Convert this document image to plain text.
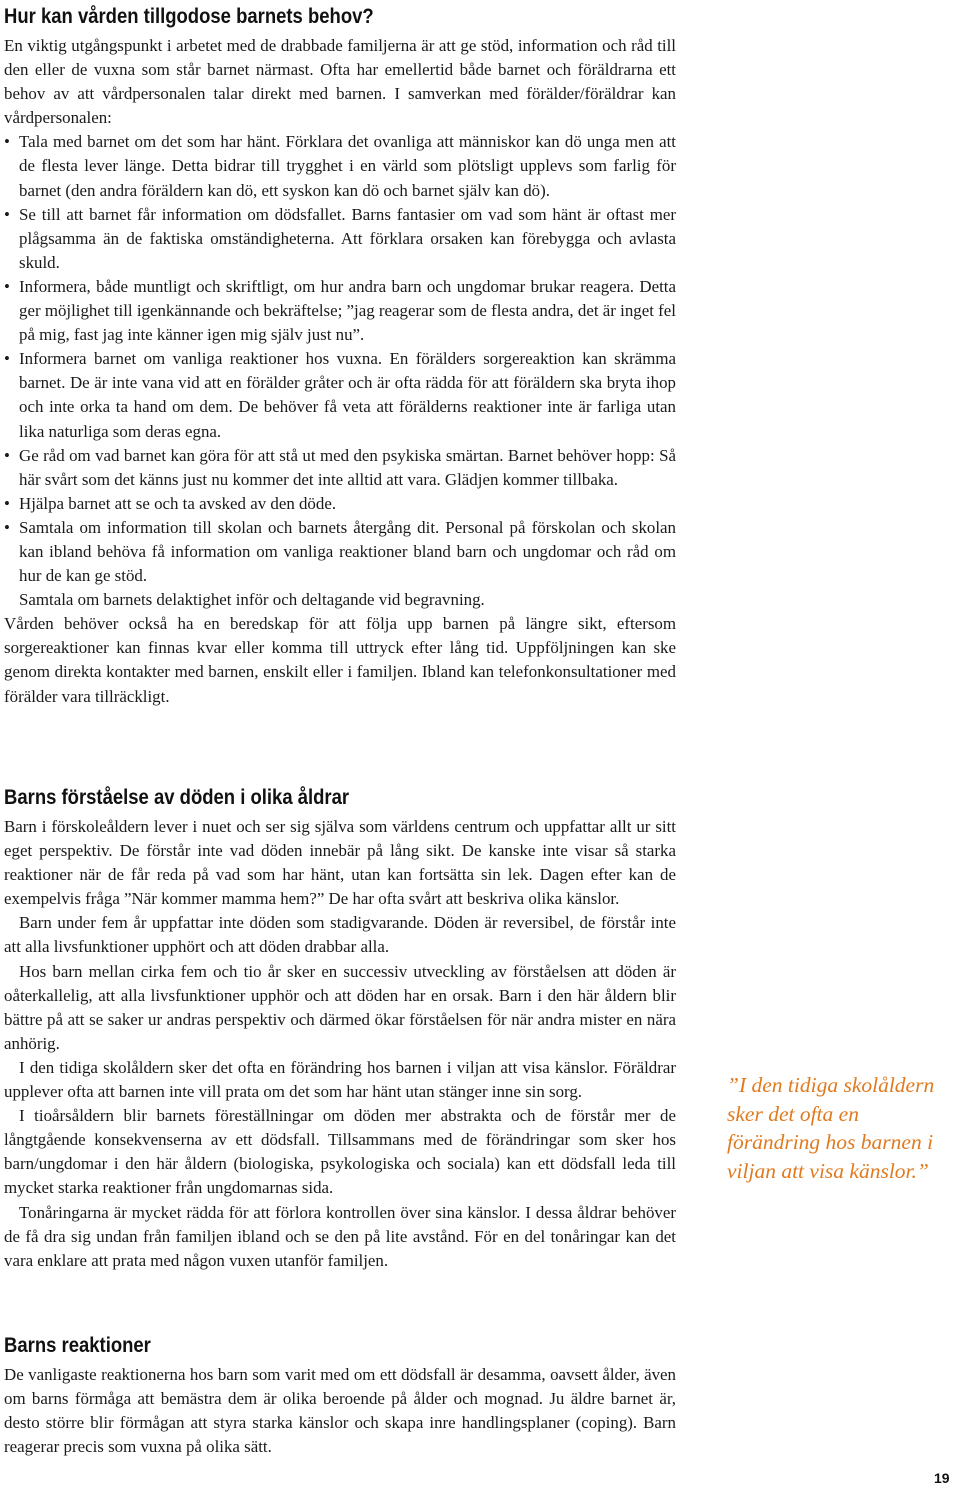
Hur kan vården tillgodose barnets behov?

En viktig utgångspunkt i arbetet med de drabbade familjerna är att ge stöd, information och råd till den eller de vuxna som står barnet närmast. Ofta har emellertid både barnet och föräldrarna ett behov av att vårdpersonalen talar direkt med barnen. I samverkan med förälder/föräldrar kan vårdpersonalen:

• Tala med barnet om det som har hänt. Förklara det ovanliga att människor kan dö unga men att de flesta lever länge. Detta bidrar till trygghet i en värld som plötsligt upplevs som farlig för barnet (den andra föräldern kan dö, ett syskon kan dö och barnet själv kan dö).
• Se till att barnet får information om dödsfallet. Barns fantasier om vad som hänt är oftast mer plågsamma än de faktiska omständigheterna. Att förklara orsaken kan förebygga och avlasta skuld.
• Informera, både muntligt och skriftligt, om hur andra barn och ungdomar brukar reagera. Detta ger möjlighet till igenkännande och bekräftelse; ”jag reagerar som de flesta andra, det är inget fel på mig, fast jag inte känner igen mig själv just nu”.
• Informera barnet om vanliga reaktioner hos vuxna. En förälders sorgereaktion kan skrämma barnet. De är inte vana vid att en förälder gråter och är ofta rädda för att föräldern ska bryta ihop och inte orka ta hand om dem. De behöver få veta att förälderns reaktioner inte är farliga utan lika naturliga som deras egna.
• Ge råd om vad barnet kan göra för att stå ut med den psykiska smärtan. Barnet behöver hopp: Så här svårt som det känns just nu kommer det inte alltid att vara. Glädjen kommer tillbaka.
• Hjälpa barnet att se och ta avsked av den döde.
• Samtala om information till skolan och barnets återgång dit. Personal på förskolan och skolan kan ibland behöva få information om vanliga reaktioner bland barn och ungdomar och råd om hur de kan ge stöd.

Samtala om barnets delaktighet inför och deltagande vid begravning.

Vården behöver också ha en beredskap för att följa upp barnen på längre sikt, eftersom sorgereaktioner kan finnas kvar eller komma till uttryck efter lång tid. Uppföljningen kan ske genom direkta kontakter med barnen, enskilt eller i familjen. Ibland kan telefonkonsultationer med förälder vara tillräckligt.

Barns förståelse av döden i olika åldrar

Barn i förskoleåldern lever i nuet och ser sig själva som världens centrum och uppfattar allt ur sitt eget perspektiv. De förstår inte vad döden innebär på lång sikt. De kanske inte visar så starka reaktioner när de får reda på vad som har hänt, utan kan fortsätta sin lek. Dagen efter kan de exempelvis fråga ”När kommer mamma hem?” De har ofta svårt att beskriva olika känslor.

Barn under fem år uppfattar inte döden som stadigvarande. Döden är reversibel, de förstår inte att alla livsfunktioner upphört och att döden drabbar alla.

Hos barn mellan cirka fem och tio år sker en successiv utveckling av förståelsen att döden är oåterkallelig, att alla livsfunktioner upphör och att döden har en orsak. Barn i den här åldern blir bättre på att se saker ur andras perspektiv och därmed ökar förståelsen för när andra mister en nära anhörig.

I den tidiga skolåldern sker det ofta en förändring hos barnen i viljan att visa känslor. Föräldrar upplever ofta att barnen inte vill prata om det som har hänt utan stänger inne sin sorg.

I tioårsåldern blir barnets föreställningar om döden mer abstrakta och de förstår mer de långtgående konsekvenserna av ett dödsfall. Tillsammans med de förändringar som sker hos barn/ungdomar i den här åldern (biologiska, psykologiska och sociala) kan ett dödsfall leda till mycket starka reaktioner från ungdomarnas sida.

Tonåringarna är mycket rädda för att förlora kontrollen över sina känslor. I dessa åldrar behöver de få dra sig undan från familjen ibland och se den på lite avstånd. För en del tonåringar kan det vara enklare att prata med någon vuxen utanför familjen.

Barns reaktioner

De vanligaste reaktionerna hos barn som varit med om ett dödsfall är desamma, oavsett ålder, även om barns förmåga att bemästra dem är olika beroende på ålder och mognad. Ju äldre barnet är, desto större blir förmågan att styra starka känslor och skapa inre handlingsplaner (coping). Barn reagerar precis som vuxna på olika sätt.

”I den tidiga skolåldern sker det ofta en förändring hos barnen i viljan att visa känslor.”
19
